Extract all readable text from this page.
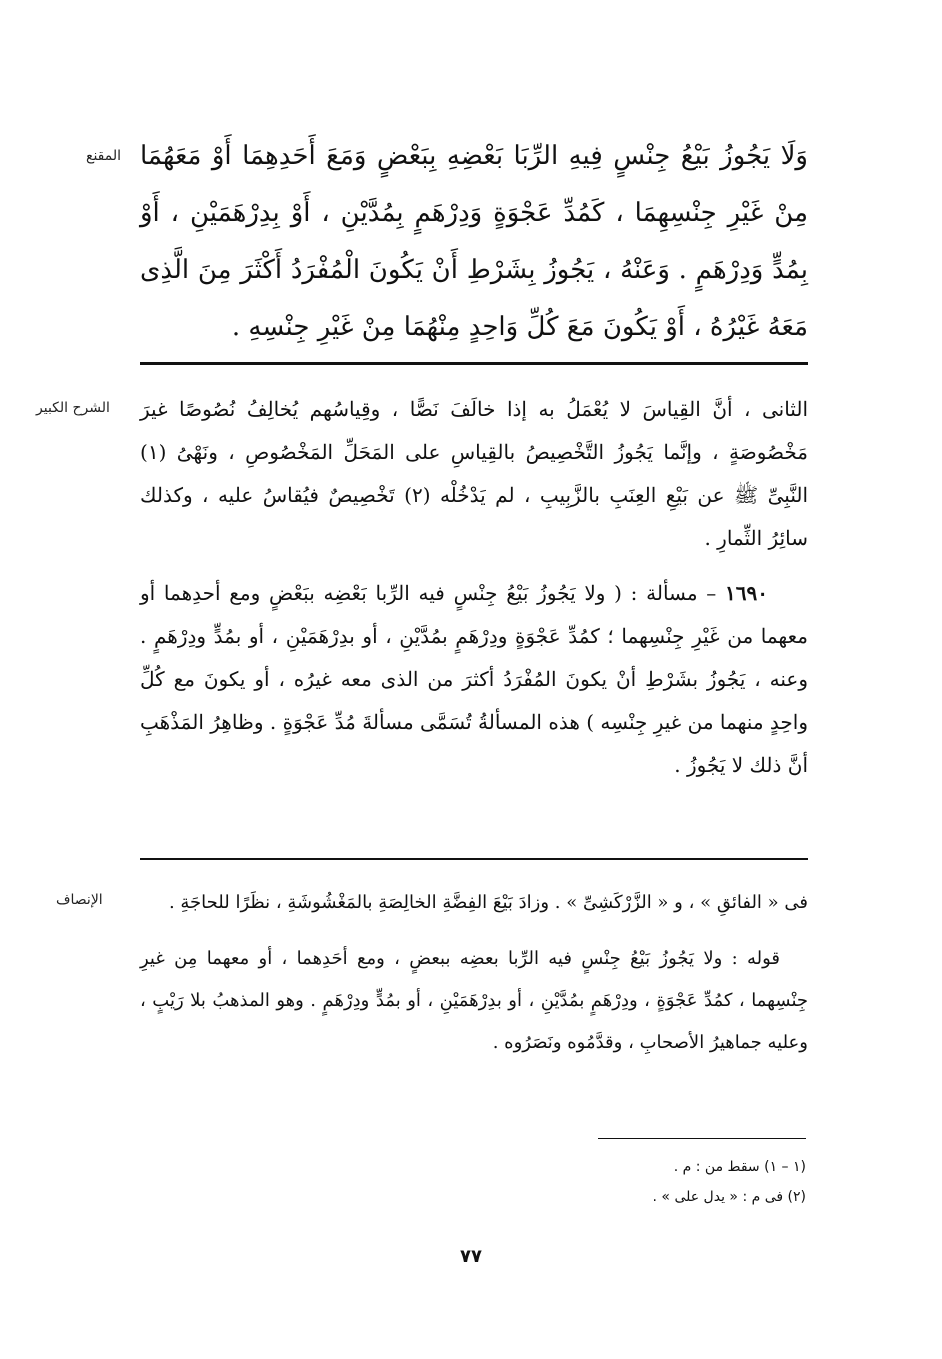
المقنع وَلَا يَجُوزُ بَيْعُ جِنْسٍ فِيهِ الرِّبَا بَعْضِهِ بِبَعْضٍ وَمَعَ أَحَدِهِمَا أَوْ مَعَهُمَا مِنْ غَيْرِ جِنْسِهِمَا ، كَمُدِّ عَجْوَةٍ وَدِرْهَمٍ بِمُدَّيْنِ ، أَوْ بِدِرْهَمَيْنِ ، أَوْ بِمُدٍّ وَدِرْهَمٍ . وَعَنْهُ ، يَجُوزُ بِشَرْطِ أَنْ يَكُونَ الْمُفْرَدُ أَكْثَرَ مِنَ الَّذِى مَعَهُ غَيْرُهُ ، أَوْ يَكُونَ مَعَ كُلِّ وَاحِدٍ مِنْهُمَا مِنْ غَيْرِ جِنْسِهِ .

الشرح الكبير الثانى ، أنَّ القِياسَ لا يُعْمَلُ به إذا خالَفَ نَصًّا ، وقِياسُهم يُخالِفُ نُصُوصًا غيرَ مَخْصُوصَةٍ ، وإنَّما يَجُوزُ التَّخْصِيصُ بالقِياسِ على المَحَلِّ المَخْصُوصِ ، ونَهْىُ (١) النَّبِىِّ ﷺ عن بَيْعِ العِنَبِ بالزَّبِيبِ ، لم يَدْخُلْه (٢) تَخْصِيصٌ فيُقاسُ عليه ، وكذلك سائِرُ الثِّمارِ .

١٦٩٠ – مسألة : ( ولا يَجُوزُ بَيْعُ جِنْسٍ فيه الرِّبا بَعْضِه ببَعْضٍ ومع أحدِهما أو معهما من غَيْرِ جِنْسِهما ؛ كمُدِّ عَجْوَةٍ ودِرْهَمٍ بمُدَّيْنِ ، أو بدِرْهَمَيْنِ ، أو بمُدٍّ ودِرْهَمٍ . وعنه ، يَجُوزُ بشَرْطِ أنْ يكونَ المُفْرَدُ أكثرَ من الذى معه غيرُه ، أو يكونَ مع كُلِّ واحِدٍ منهما من غيرِ جِنْسِه ) هذه المسألةُ تُسَمَّى مسألةَ مُدِّ عَجْوَةٍ . وظاهِرُ المَذْهَبِ أنَّ ذلك لا يَجُوزُ .

الإنصاف	فى « الفائقِ » ، و « الزَّرْكَشِىِّ » . وزادَ بَيْعَ الفِضَّةِ الخالِصَةِ بالمَغْشُوشَةِ ، نظَرًا للحاجَةِ .

قوله : ولا يَجُوزُ بَيْعُ جِنْسٍ فيه الرِّبا بعضِه ببعضٍ ، ومع أحَدِهما ، أو معهما مِن غيرِ جِنْسِهما ، كمُدِّ عَجْوَةٍ ، ودِرْهَمٍ بمُدَّيْنِ ، أو بدِرْهَمَيْنِ ، أو بمُدٍّ ودِرْهَمٍ . وهو المذهبُ بلا رَيْبٍ ، وعليه جماهيرُ الأصحابِ ، وقدَّمُوه ونَصَرُوه .

(١ – ١) سقط من : م .
(٢) فى م : « يدل على » .
٧٧
